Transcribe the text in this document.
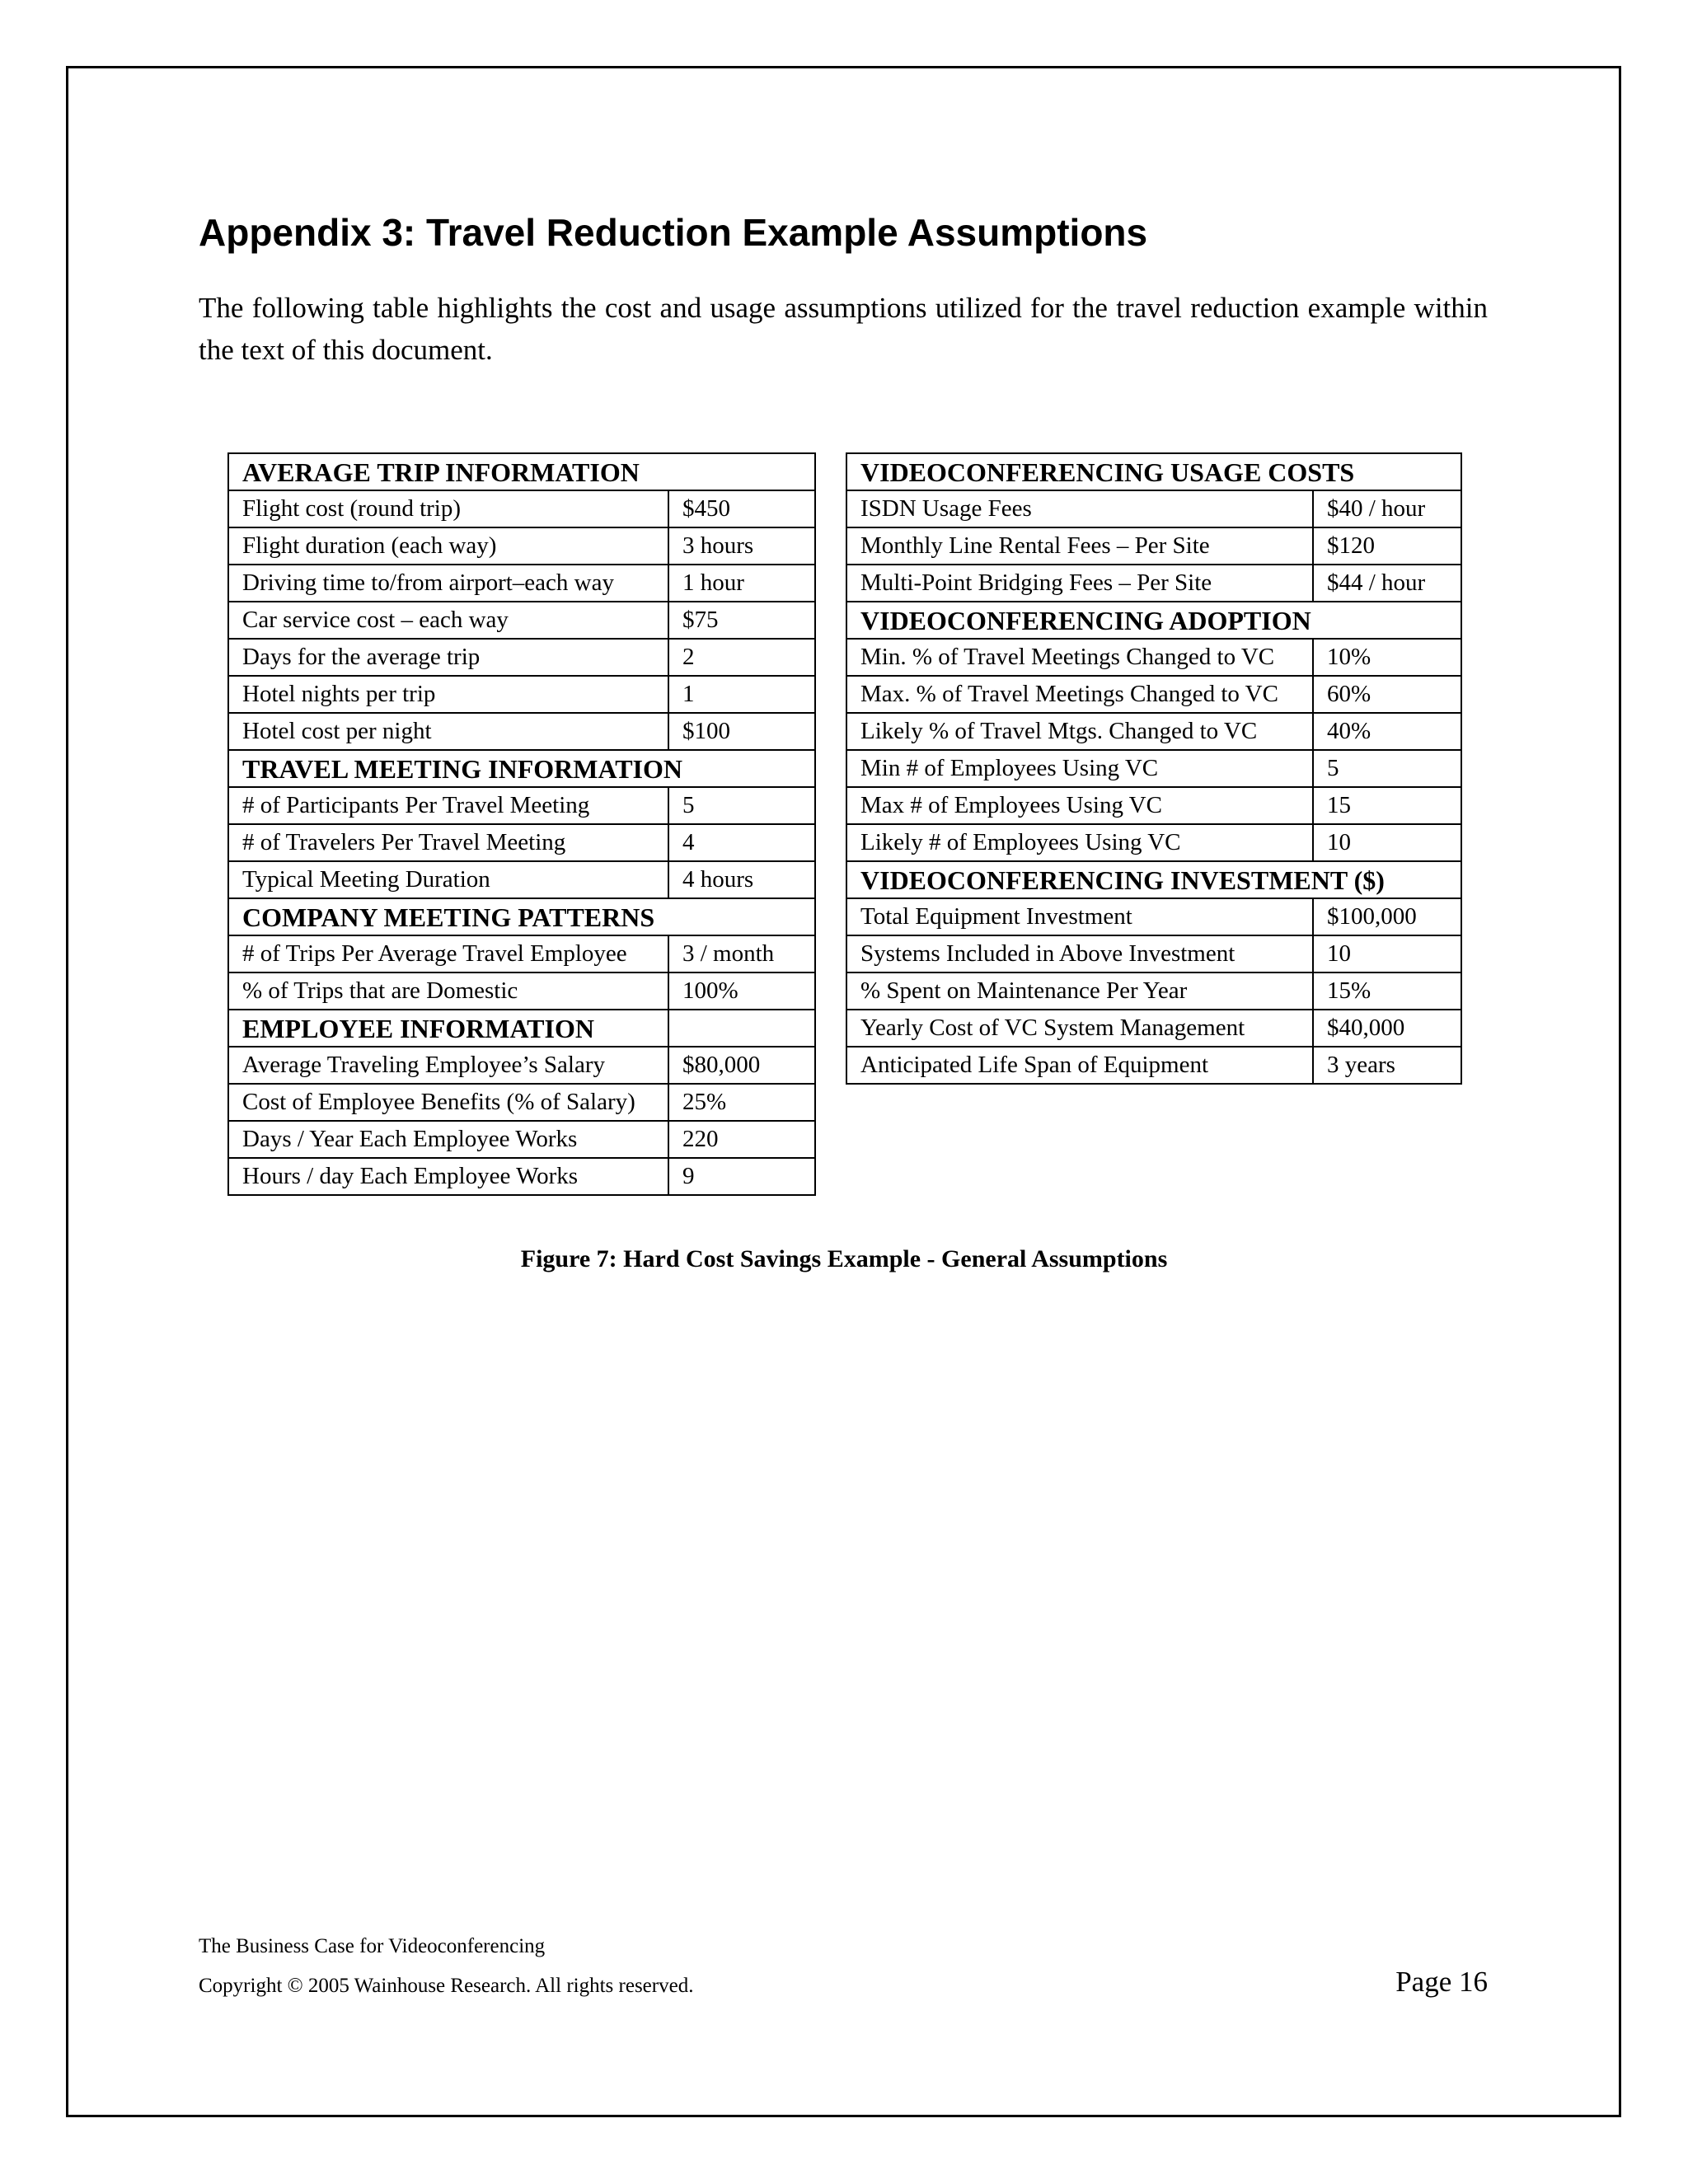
Appendix 3: Travel Reduction Example Assumptions

The following table highlights the cost and usage assumptions utilized for the travel reduction example within the text of this document.

AVERAGE TRIP INFORMATION	
Flight cost (round trip)	$450
Flight duration (each way)	3 hours
Driving time to/from airport–each way	1 hour
Car service cost – each way	$75
Days for the average trip	2
Hotel nights per trip	1
Hotel cost per night	$100
TRAVEL MEETING INFORMATION	
# of Participants Per Travel Meeting	5
# of Travelers Per Travel Meeting	4
Typical Meeting Duration	4 hours
COMPANY MEETING PATTERNS	
# of Trips Per Average Travel Employee	3 / month
% of Trips that are Domestic	100%
EMPLOYEE INFORMATION	
Average Traveling Employee’s Salary	$80,000
Cost of Employee Benefits (% of Salary)	25%
Days / Year Each Employee Works	220
Hours / day Each Employee Works	9
VIDEOCONFERENCING USAGE COSTS	
ISDN Usage Fees	$40 / hour
Monthly Line Rental Fees – Per Site	$120
Multi-Point Bridging Fees – Per Site	$44 / hour
VIDEOCONFERENCING ADOPTION	
Min. % of Travel Meetings Changed to VC	10%
Max. % of Travel Meetings Changed to VC	60%
Likely % of Travel Mtgs. Changed to VC	40%
Min # of Employees Using VC	5
Max # of Employees Using VC	15
Likely # of Employees Using VC	10
VIDEOCONFERENCING INVESTMENT ($)	
Total Equipment Investment	$100,000
Systems Included in Above Investment	10
% Spent on Maintenance Per Year	15%
Yearly Cost of VC System Management	$40,000
Anticipated Life Span of Equipment	3 years

Figure 7: Hard Cost Savings Example - General Assumptions

The Business Case for Videoconferencing
Copyright © 2005 Wainhouse Research. All rights reserved.	Page 16
